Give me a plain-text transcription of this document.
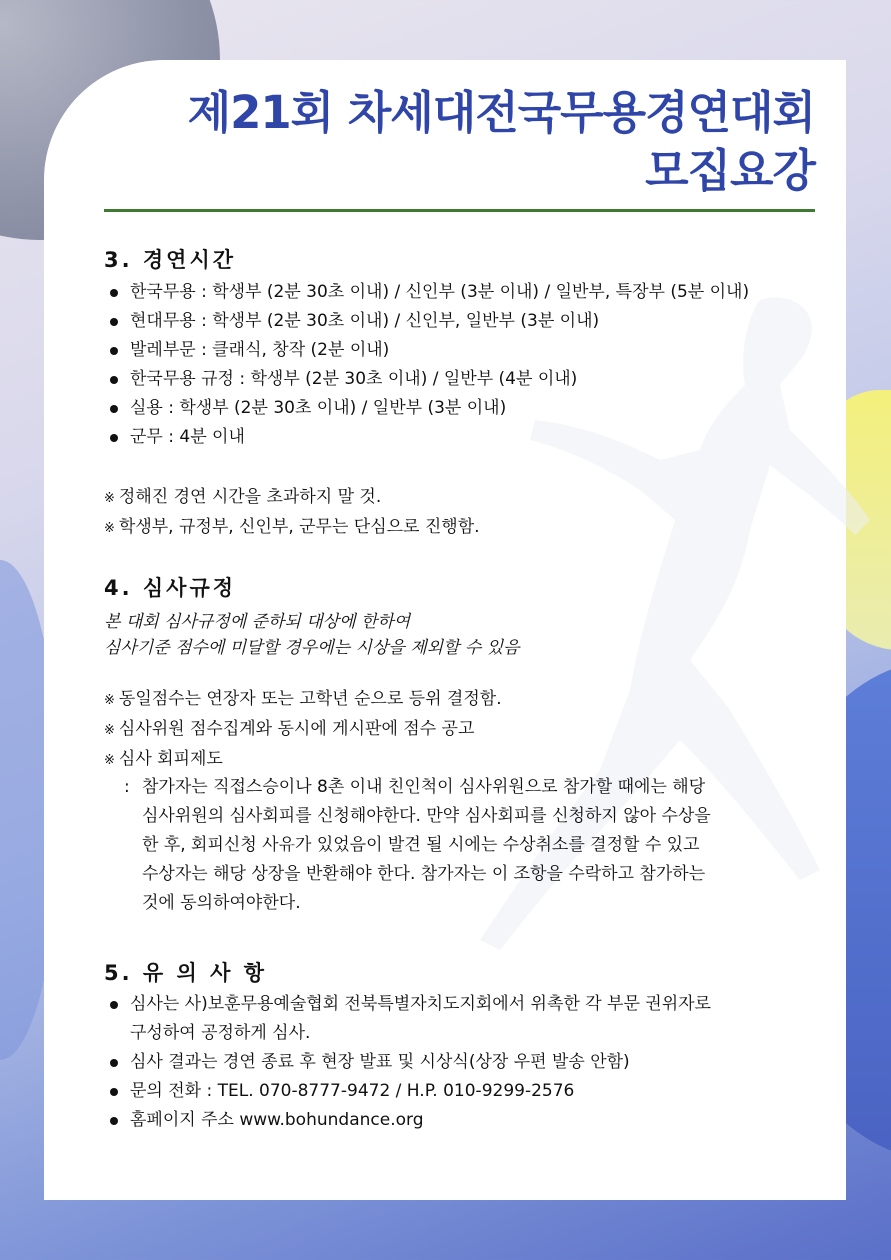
제21회 차세대전국무용경연대회
모집요강
3. 경연시간
한국무용 : 학생부 (2분 30초 이내) / 신인부 (3분 이내) / 일반부, 특장부 (5분 이내)
현대무용 : 학생부 (2분 30초 이내) / 신인부, 일반부 (3분 이내)
발레부문 : 클래식, 창작 (2분 이내)
한국무용 규정 : 학생부 (2분 30초 이내) / 일반부 (4분 이내)
실용 : 학생부 (2분 30초 이내) / 일반부 (3분 이내)
군무 : 4분 이내
※ 정해진 경연 시간을 초과하지 말 것.
※ 학생부, 규정부, 신인부, 군무는 단심으로 진행함.
4. 심사규정
본 대회 심사규정에 준하되 대상에 한하여
심사기준 점수에 미달할 경우에는 시상을 제외할 수 있음
※ 동일점수는 연장자 또는 고학년 순으로 등위 결정함.
※ 심사위원 점수집계와 동시에 게시판에 점수 공고
※ 심사 회피제도
: 참가자는 직접스승이나 8촌 이내 친인척이 심사위원으로 참가할 때에는 해당
심사위원의 심사회피를 신청해야한다. 만약 심사회피를 신청하지 않아 수상을
한 후, 회피신청 사유가 있었음이 발견 될 시에는 수상취소를 결정할 수 있고
수상자는 해당 상장을 반환해야 한다. 참가자는 이 조항을 수락하고 참가하는
것에 동의하여야한다.
5. 유 의 사 항
심사는 사)보훈무용예술협회 전북특별자치도지회에서 위촉한 각 부문 권위자로
구성하여 공정하게 심사.
심사 결과는 경연 종료 후 현장 발표 및 시상식(상장 우편 발송 안함)
문의 전화 : TEL. 070-8777-9472 / H.P. 010-9299-2576
홈페이지 주소 www.bohundance.org
